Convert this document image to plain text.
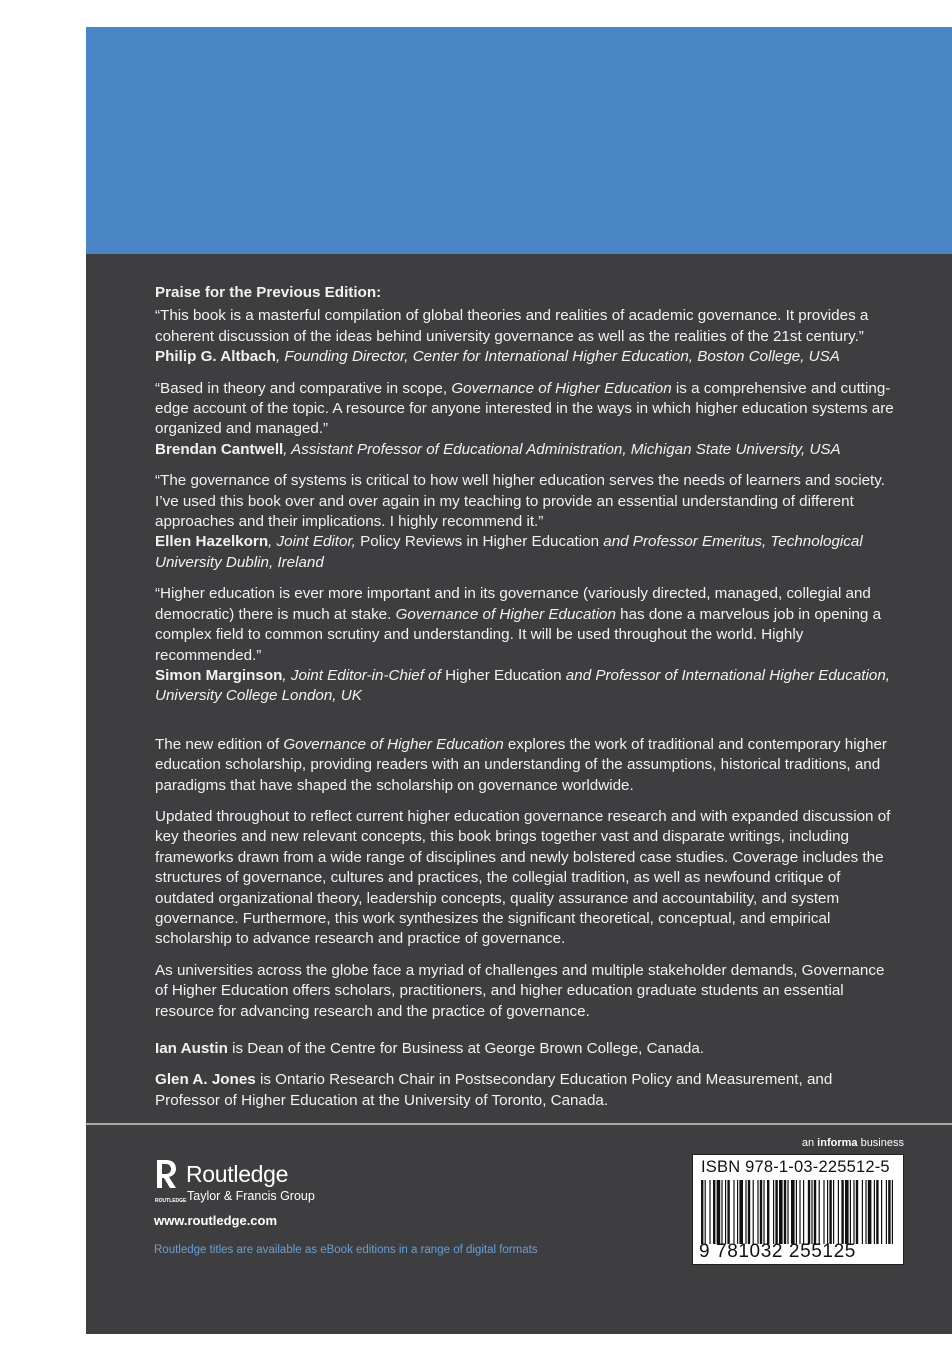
Praise for the Previous Edition:

“This book is a masterful compilation of global theories and realities of academic governance. It provides a coherent discussion of the ideas behind university governance as well as the realities of the 21st century.”

Philip G. Altbach, Founding Director, Center for International Higher Education, Boston College, USA

“Based in theory and comparative in scope, Governance of Higher Education is a comprehensive and cutting-edge account of the topic. A resource for anyone interested in the ways in which higher education systems are organized and managed.”

Brendan Cantwell, Assistant Professor of Educational Administration, Michigan State University, USA

“The governance of systems is critical to how well higher education serves the needs of learners and society. I’ve used this book over and over again in my teaching to provide an essential understanding of different approaches and their implications. I highly recommend it.”

Ellen Hazelkorn, Joint Editor, Policy Reviews in Higher Education and Professor Emeritus, Technological University Dublin, Ireland

“Higher education is ever more important and in its governance (variously directed, managed, collegial and democratic) there is much at stake. Governance of Higher Education has done a marvelous job in opening a complex field to common scrutiny and understanding. It will be used throughout the world. Highly recommended.”

Simon Marginson, Joint Editor-in-Chief of Higher Education and Professor of International Higher Education, University College London, UK

The new edition of Governance of Higher Education explores the work of traditional and contemporary higher education scholarship, providing readers with an understanding of the assumptions, historical traditions, and paradigms that have shaped the scholarship on governance worldwide.

Updated throughout to reflect current higher education governance research and with expanded discussion of key theories and new relevant concepts, this book brings together vast and disparate writings, including frameworks drawn from a wide range of disciplines and newly bolstered case studies. Coverage includes the structures of governance, cultures and practices, the collegial tradition, as well as newfound critique of outdated organizational theory, leadership concepts, quality assurance and accountability, and system governance. Furthermore, this work synthesizes the significant theoretical, conceptual, and empirical scholarship to advance research and practice of governance.

As universities across the globe face a myriad of challenges and multiple stakeholder demands, Governance of Higher Education offers scholars, practitioners, and higher education graduate students an essential resource for advancing research and the practice of governance.

Ian Austin is Dean of the Centre for Business at George Brown College, Canada.

Glen A. Jones is Ontario Research Chair in Postsecondary Education Policy and Measurement, and Professor of Higher Education at the University of Toronto, Canada.

ROUTLEDGE
Routledge
Taylor & Francis Group
www.routledge.com
Routledge titles are available as eBook editions in a range of digital formats
an informa business
ISBN 978-1-03-225512-5
9 781032 255125
